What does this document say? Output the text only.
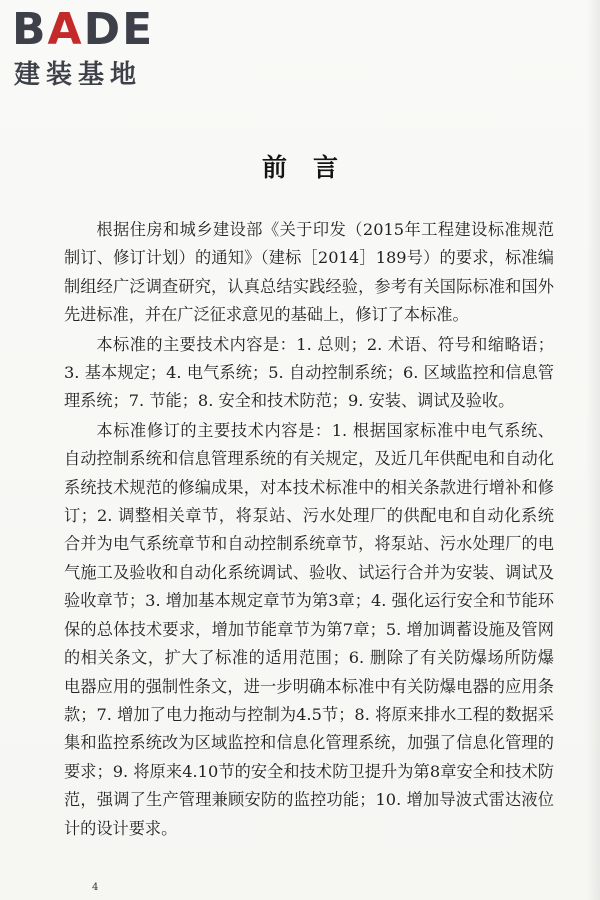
BADE
建装基地
前言

根据住房和城乡建设部《关于印发（2015年工程建设标准规范制订、修订计划）的通知》（建标［2014］189号）的要求，标准编制组经广泛调查研究，认真总结实践经验，参考有关国际标准和国外先进标准，并在广泛征求意见的基础上，修订了本标准。

本标准的主要技术内容是：1. 总则；2. 术语、符号和缩略语；3. 基本规定；4. 电气系统；5. 自动控制系统；6. 区域监控和信息管理系统；7. 节能；8. 安全和技术防范；9. 安装、调试及验收。

本标准修订的主要技术内容是：1. 根据国家标准中电气系统、自动控制系统和信息管理系统的有关规定，及近几年供配电和自动化系统技术规范的修编成果，对本技术标准中的相关条款进行增补和修订；2. 调整相关章节，将泵站、污水处理厂的供配电和自动化系统合并为电气系统章节和自动控制系统章节，将泵站、污水处理厂的电气施工及验收和自动化系统调试、验收、试运行合并为安装、调试及验收章节；3. 增加基本规定章节为第3章；4. 强化运行安全和节能环保的总体技术要求，增加节能章节为第7章；5. 增加调蓄设施及管网的相关条文，扩大了标准的适用范围；6. 删除了有关防爆场所防爆电器应用的强制性条文，进一步明确本标准中有关防爆电器的应用条款；7. 增加了电力拖动与控制为4.5节；8. 将原来排水工程的数据采集和监控系统改为区域监控和信息化管理系统，加强了信息化管理的要求；9. 将原来4.10节的安全和技术防卫提升为第8章安全和技术防范，强调了生产管理兼顾安防的监控功能；10. 增加导波式雷达液位计的设计要求。

4
